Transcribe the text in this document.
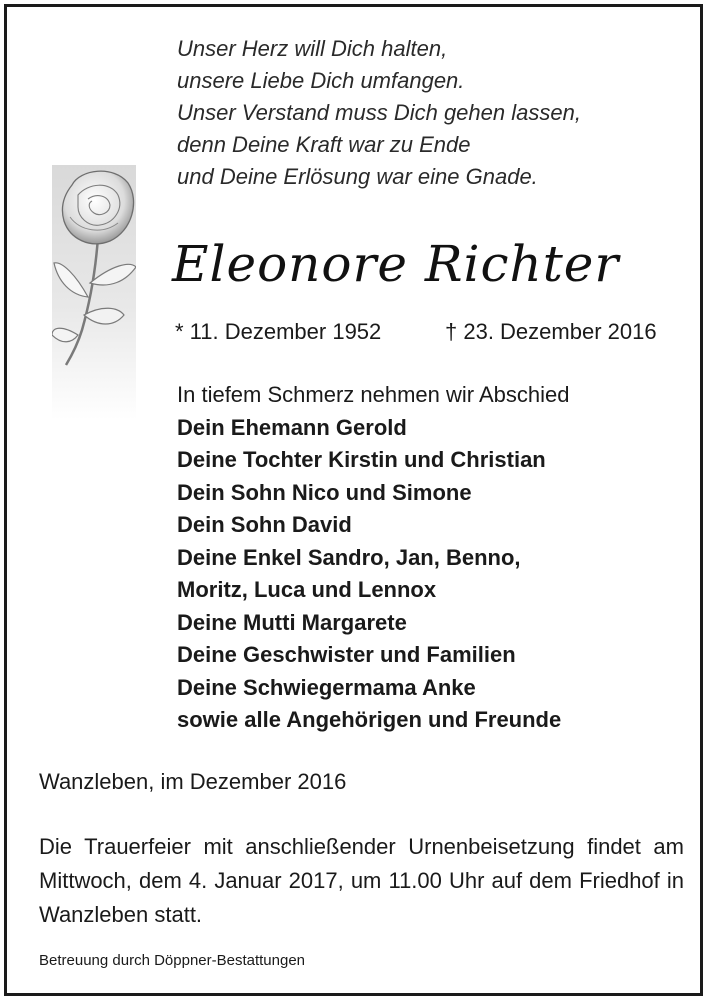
Unser Herz will Dich halten,
unsere Liebe Dich umfangen.
Unser Verstand muss Dich gehen lassen,
denn Deine Kraft war zu Ende
und Deine Erlösung war eine Gnade.
Eleonore Richter
* 11. Dezember 1952	† 23. Dezember 2016
In tiefem Schmerz nehmen wir Abschied
Dein Ehemann Gerold
Deine Tochter Kirstin und Christian
Dein Sohn Nico und Simone
Dein Sohn David
Deine Enkel Sandro, Jan, Benno,
Moritz, Luca und Lennox
Deine Mutti Margarete
Deine Geschwister und Familien
Deine Schwiegermama Anke
sowie alle Angehörigen und Freunde
Wanzleben, im Dezember 2016
Die Trauerfeier mit anschließender Urnenbeisetzung findet am Mittwoch, dem 4. Januar 2017, um 11.00 Uhr auf dem Friedhof in Wanzleben statt.
Betreuung durch Döppner-Bestattungen
